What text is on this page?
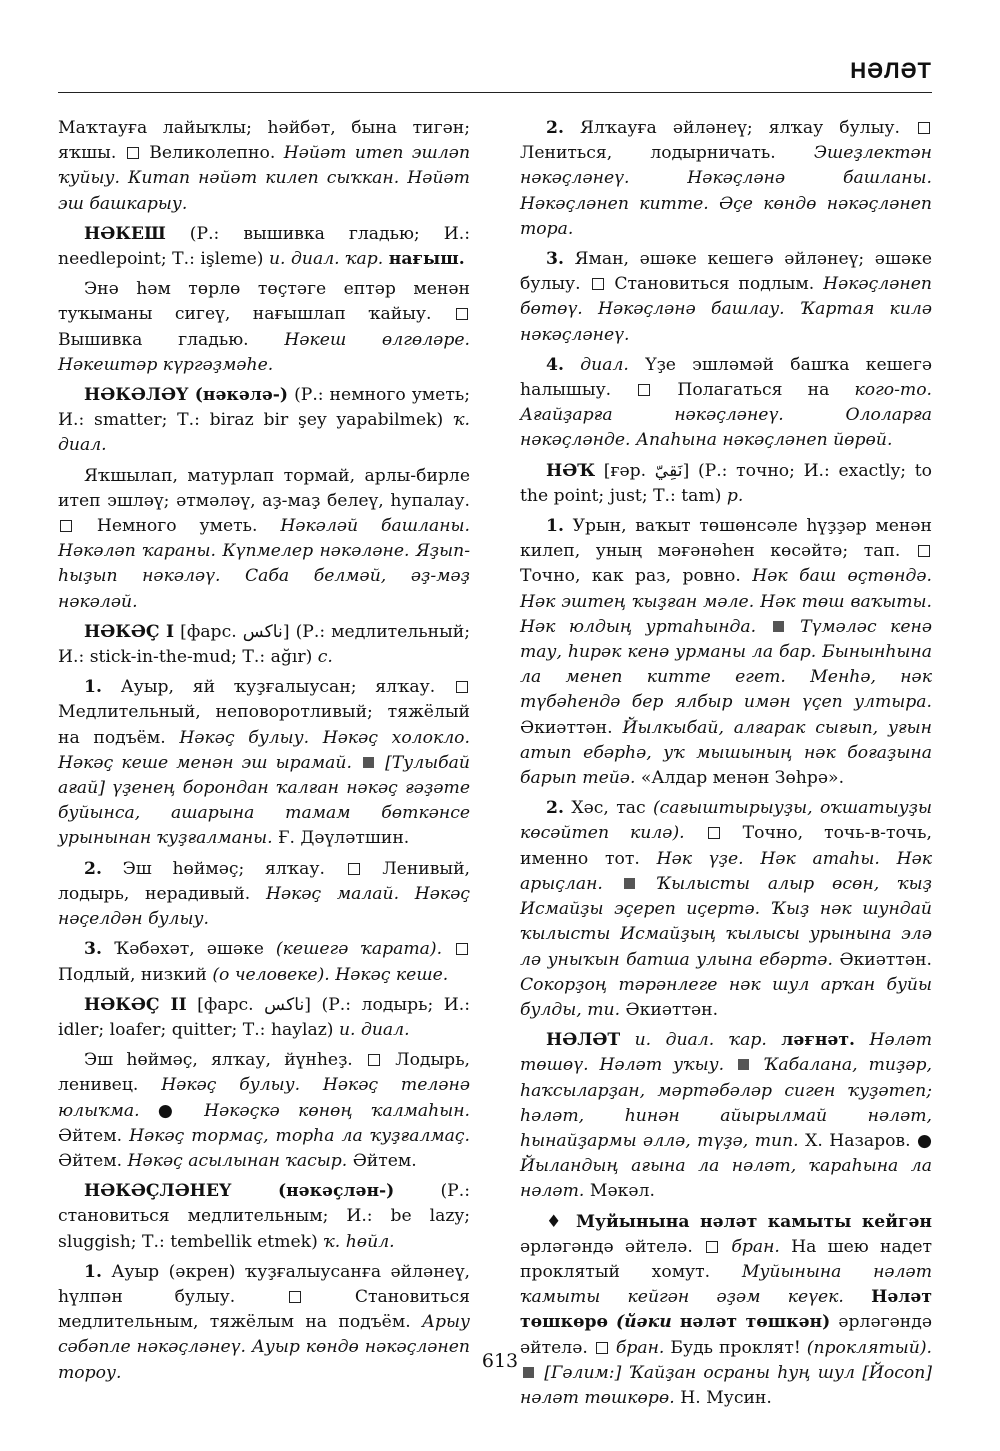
НӘЛӘТ

Маҡтауға лайыҡлы; һәйбәт, бына тигән; яҡшы. Великолепно. Нәйәт итеп эшләп ҡуйыу. Китап нәйәт килеп сыҡкан. Нәйәт эш башкарыу.

НӘКЕШ (Р.: вышивка гладью; И.: needlepoint; Т.: işleme) и. диал. ҡар. нағыш.

Энә һәм төрлө төҫтәге ептәр менән туҡыманы сигеү, нағышлап ҡайыу.  Вышивка гладью. Нәкеш өлгөләре. Нәкештәр күргәҙмәһе.

НӘКӘЛӘҮ (нәкәлә-) (Р.: немного уметь; И.: smatter; Т.: biraz bir şey yapabilmek) ҡ. диал.

Яҡшылап, матурлап тормай, арлы-бирле итеп эшләү; әтмәләү, аҙ-маҙ белеү, һупалау.  Немного уметь. Нәкәләй башланы. Нәкәләп ҡараны. Күпмелер нәкәләне. Яҙып-һыҙып нәкәләү. Саба белмәй, әҙ-мәҙ нәкәләй.

НӘКӘҪ I [фарс. ناكس] (Р.: медлительный; И.: stick-in-the-mud; Т.: ağır) с.

1. Ауыр, яй ҡуҙғалыусан; ялҡау.  Медлительный, неповоротливый; тяжёлый на подъём. Нәкәҫ булыу. Нәкәҫ холокло. Нәкәҫ кеше менән эш ырамай. [Тулыбай ағай] үҙенең борондан ҡалған нәкәҫ ғәҙәте буйынса, ашарына тамам бөткәнсе урынынан ҡуҙғалманы. Ғ. Дәүләтшин.

2. Эш һөймәҫ; ялҡау.	Ленивый, лодырь, нерадивый. Нәкәҫ малай. Нәкәҫ нәҫелдән булыу.

3. Ҡәбәхәт, әшәке (кешегә ҡарата).  Подлый, низкий (о человеке). Нәкәҫ кеше.

НӘКӘҪ II [фарс. ناكس] (Р.: лодырь; И.: idler; loafer; quitter; Т.: haylaz) и. диал.

Эш һөймәҫ, ялҡау, йүнһеҙ. Лодырь, ленивец. Нәкәҫ булыу. Нәкәҫ теләнә юлыҡма. ● Нәкәҫкә көнөң ҡалмаһын. Әйтем. Нәкәҫ тормаҫ, торһа ла ҡуҙғалмаҫ. Әйтем. Нәкәҫ асылынан ҡасыр. Әйтем.

НӘКӘҪЛӘНЕҮ (нәкәҫлән-)	(Р.: становиться медлительным; И.: be lazy; sluggish; Т.: tembellik etmek) ҡ. һөйл.

1. Ауыр (әкрен) ҡуҙғалыусанға әйләнеү, һүлпән булыу.	Становиться медлительным, тяжёлым на подъём. Арыу сәбәпле нәкәҫләнеү. Ауыр көндө нәкәҫләнеп тороу.

2. Ялҡауға әйләнеү; ялҡау булыу.  Лениться, лодырничать. Эшеҙлектән нәкәҫләнеү. Нәкәҫләнә башланы. Нәкәҫләнеп китте. Әҫе көндө нәкәҫләнеп тора.

3. Яман, әшәке кешегә әйләнеү; әшәке булыу. Становиться подлым. Нәкәҫләнеп бөтөү. Нәкәҫләнә башлау. Ҡартая килә нәкәҫләнеү.

4. диал. Үҙе эшләмәй башҡа кешегә һалышыу.	Полагаться на кого-то. Ағайҙарға нәкәҫләнеү. Ололарға нәкәҫләнде. Апаһына нәкәҫләнеп йөрөй.

НӘҠ [ғәр. نَقِيّ] (Р.: точно; И.: exactly; to the point; just; Т.: tam) р.

1. Урын, ваҡыт төшөнсәле һүҙҙәр менән килеп, уның мәғәнәһен көсәйтә; тап.  Точно, как раз, ровно. Нәк баш өҫтөндә. Нәк эштең ҡыҙған мәле. Нәк төш ваҡыты. Нәк юлдың уртаһында.	Түмәләс кенә тау, һирәк кенә урманы ла бар. Бынынһына ла менеп китте егет. Менһә, нәк түбәһендә бер ялбыр имән үҫеп ултыра. Әкиәттән. Йылкыбай, алғарак сығып, уғын атып ебәрһә, уҡ мышының нәк боғаҙына барып тейә. «Алдар менән Зөһрә».

2. Хәс, тас (сағыштырыуҙы, оҡшатыуҙы көсәйтеп килә).	Точно, точь-в-точь, именно тот. Нәк үҙе. Нәк атаһы. Нәк арыҫлан.	Ҡылысты алыр өсөн, ҡыҙ Исмайҙы эҫереп иҫертә. Ҡыҙ нәк шундай ҡылысты Исмайҙың ҡылысы урынына элә лә уныҡын батша улына ебәртә. Әкиәттән. Сокорҙоң тәрәнлеге нәк шул арҡан буйы булды, ти. Әкиәттән.

НӘЛӘТ и. диал. ҡар. ләғнәт. Нәләт төшөү. Нәләт уҡыу. Ҡабалана, тиҙәр, һаҡсыларҙан, мәртәбәләр сиген ҡуҙәтеп; һәләт, һинән айырылмай нәләт, һынайҙармы әллә, түҙә, тип. Х. Назаров. ● Йыландың ағына ла нәләт, ҡараһына ла нәләт. Мәкәл.

♦ Муйынына нәләт камыты кейгән әрләгәндә әйтелә. бран. На шею надет проклятый хомут. Муйынына нәләт ҡамыты кейгән әҙәм кеүек. Нәләт төшкөрө (йәки нәләт төшкән) әрләгәндә әйтелә. бран. Будь проклят! (проклятый).  [Гәлим:] Ҡайҙан осраны һуң шул [Йосоп] нәләт төшкөрө. Н. Мусин.

613
